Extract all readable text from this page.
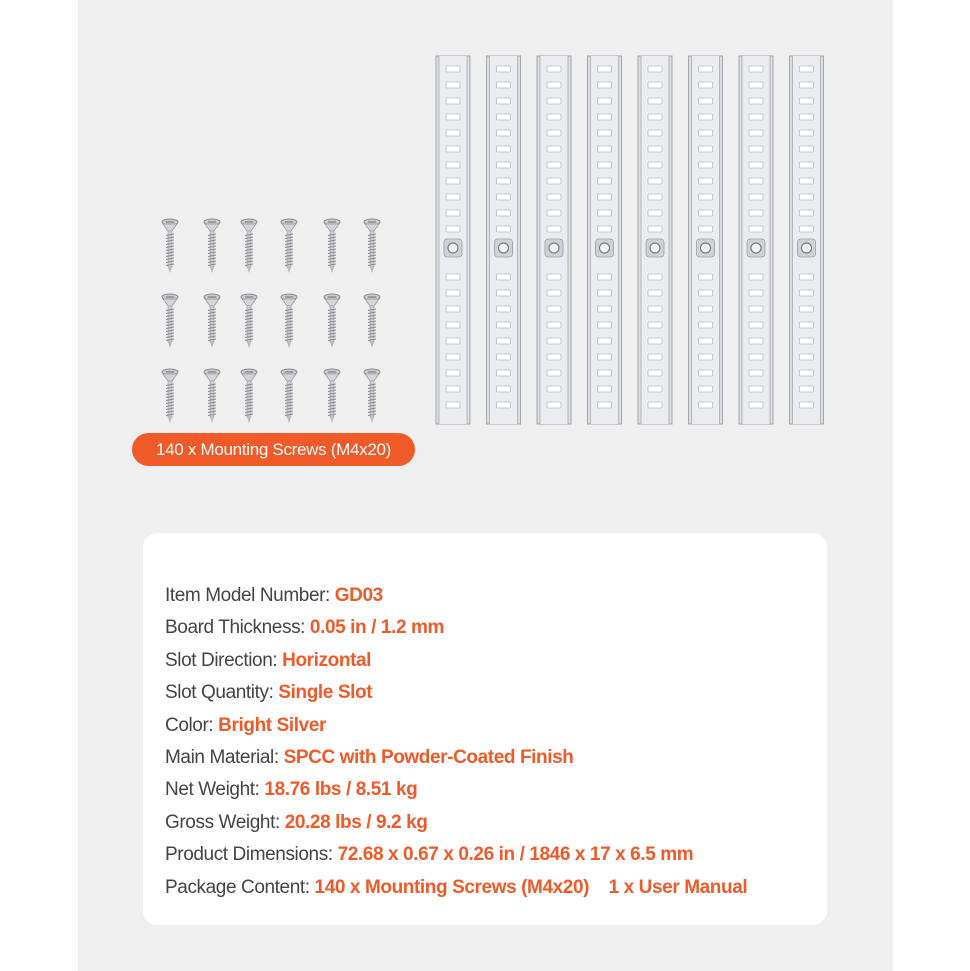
140 x Mounting Screws (M4x20)
Item Model Number: GD03
Board Thickness: 0.05 in / 1.2 mm
Slot Direction: Horizontal
Slot Quantity: Single Slot
Color: Bright Silver
Main Material: SPCC with Powder-Coated Finish
Net Weight: 18.76 lbs / 8.51 kg
Gross Weight: 20.28 lbs / 9.2 kg
Product Dimensions: 72.68 x 0.67 x 0.26 in / 1846 x 17 x 6.5 mm
Package Content: 140 x Mounting Screws (M4x20)    1 x User Manual
